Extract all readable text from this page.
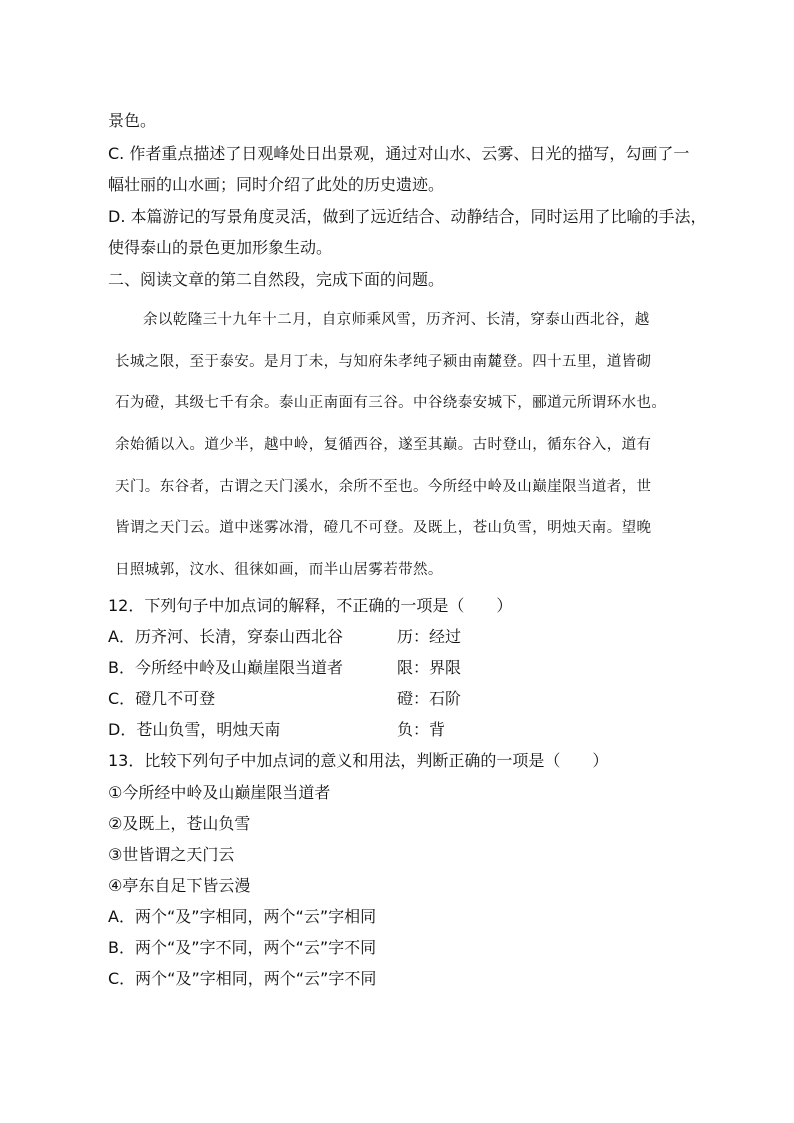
景色。
C. 作者重点描述了日观峰处日出景观，通过对山水、云雾、日光的描写，勾画了一
幅壮丽的山水画；同时介绍了此处的历史遗迹。
D. 本篇游记的写景角度灵活，做到了远近结合、动静结合，同时运用了比喻的手法，
使得泰山的景色更加形象生动。
二、阅读文章的第二自然段，完成下面的问题。
余以乾隆三十九年十二月，自京师乘风雪，历齐河、长清，穿泰山西北谷，越
长城之限，至于泰安。是月丁未，与知府朱孝纯子颍由南麓登。四十五里，道皆砌
石为磴，其级七千有余。泰山正南面有三谷。中谷绕泰安城下，郦道元所谓环水也。
余始循以入。道少半，越中岭，复循西谷，遂至其巅。古时登山，循东谷入，道有
天门。东谷者，古谓之天门溪水，余所不至也。今所经中岭及山巅崖限当道者，世
皆谓之天门云。道中迷雾冰滑，磴几不可登。及既上，苍山负雪，明烛天南。望晚
日照城郭，汶水、徂徕如画，而半山居雾若带然。
12．下列句子中加点词的解释，不正确的一项是（　　）
A．历齐河、长清，穿泰山西北谷	历：经过
B．今所经中岭及山巅崖限当道者	限：界限
C．磴几不可登	磴：石阶
D．苍山负雪，明烛天南	负：背
13．比较下列句子中加点词的意义和用法，判断正确的一项是（　　）
①今所经中岭及山巅崖限当道者
②及既上，苍山负雪
③世皆谓之天门云
④亭东自足下皆云漫
A．两个“及”字相同，两个“云”字相同
B．两个“及”字不同，两个“云”字不同
C．两个“及”字相同，两个“云”字不同
